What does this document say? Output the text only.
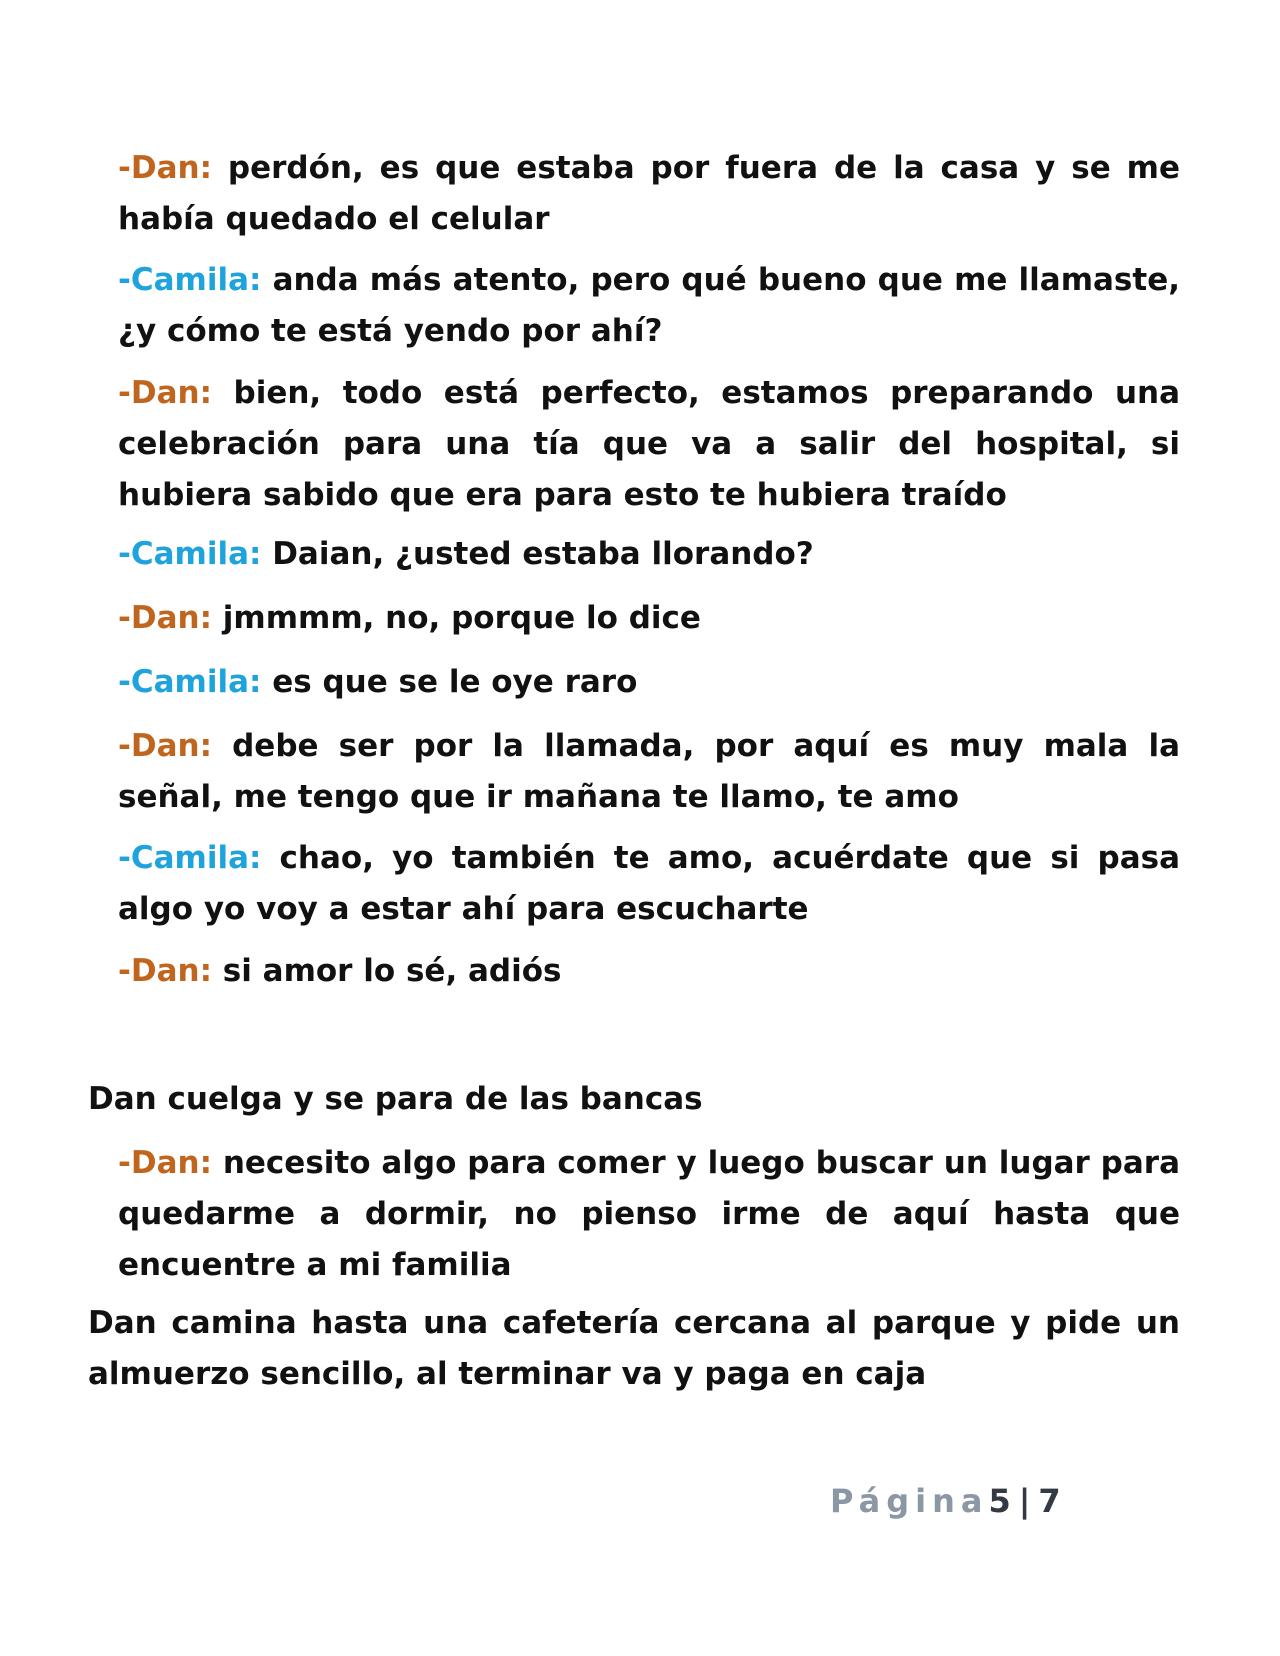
-Dan: perdón, es que estaba por fuera de la casa y se me había quedado el celular

-Camila: anda más atento, pero qué bueno que me llamaste, ¿y cómo te está yendo por ahí?

-Dan: bien, todo está perfecto, estamos preparando una celebración para una tía que va a salir del hospital, si hubiera sabido que era para esto te hubiera traído

-Camila: Daian, ¿usted estaba llorando?

-Dan: jmmmm, no, porque lo dice

-Camila: es que se le oye raro

-Dan: debe ser por la llamada, por aquí es muy mala la señal, me tengo que ir mañana te llamo, te amo

-Camila: chao, yo también te amo, acuérdate que si pasa algo yo voy a estar ahí para escucharte

-Dan: si amor lo sé, adiós

Dan cuelga y se para de las bancas

-Dan: necesito algo para comer y luego buscar un lugar para quedarme a dormir, no pienso irme de aquí hasta que encuentre a mi familia

Dan camina hasta una cafetería cercana al parque y pide un almuerzo sencillo, al terminar va y paga en caja

Página5 | 7
